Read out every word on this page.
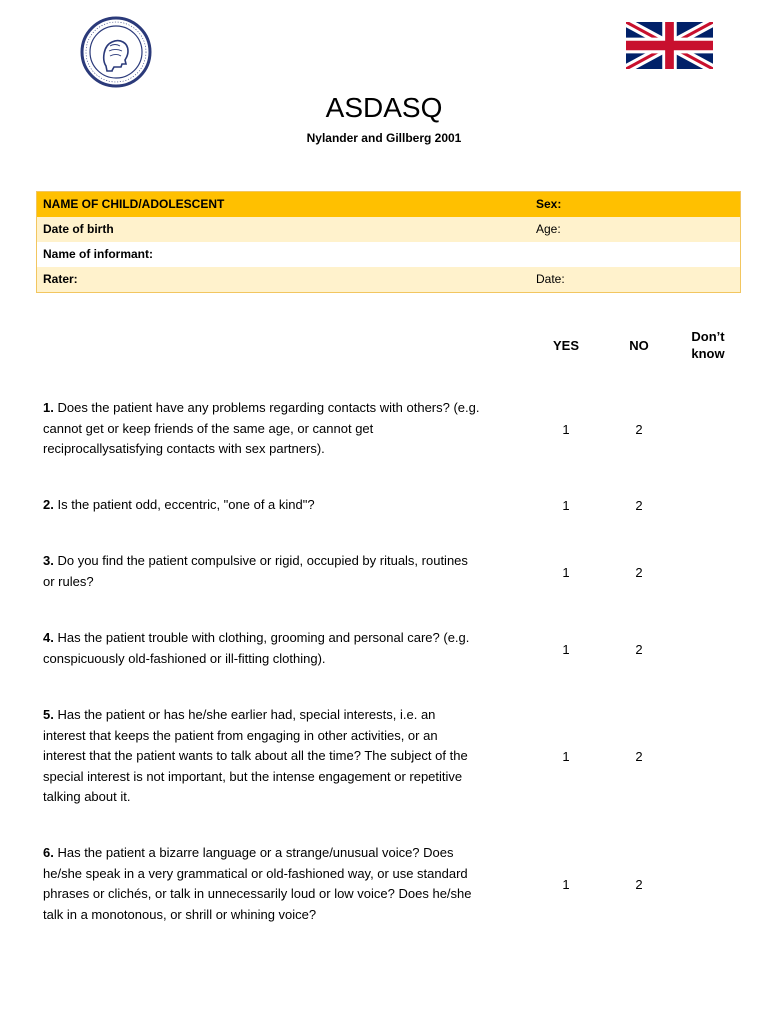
ASDASQ
Nylander and Gillberg 2001
NAME OF CHILD/ADOLESCENT	Sex:
Date of birth	Age:
Name of informant:
Rater:	Date:
YES	NO
Don’t
know
1. Does the patient have any problems regarding contacts with others? (e.g.
cannot get or keep friends of the same age, or cannot get
reciprocallysatisfying contacts with sex partners).
1	2
2. Is the patient odd, eccentric, "one of a kind"?	1	2
3. Do you find the patient compulsive or rigid, occupied by rituals, routines
or rules?
1	2
4. Has the patient trouble with clothing, grooming and personal care? (e.g.
conspicuously old-fashioned or ill-fitting clothing).
1	2
5. Has the patient or has he/she earlier had, special interests, i.e. an
interest that keeps the patient from engaging in other activities, or an
interest that the patient wants to talk about all the time? The subject of the
special interest is not important, but the intense engagement or repetitive
talking about it.
1	2
6. Has the patient a bizarre language or a strange/unusual voice? Does
he/she speak in a very grammatical or old-fashioned way, or use standard
phrases or clichés, or talk in unnecessarily loud or low voice? Does he/she
talk in a monotonous, or shrill or whining voice?
1	2
